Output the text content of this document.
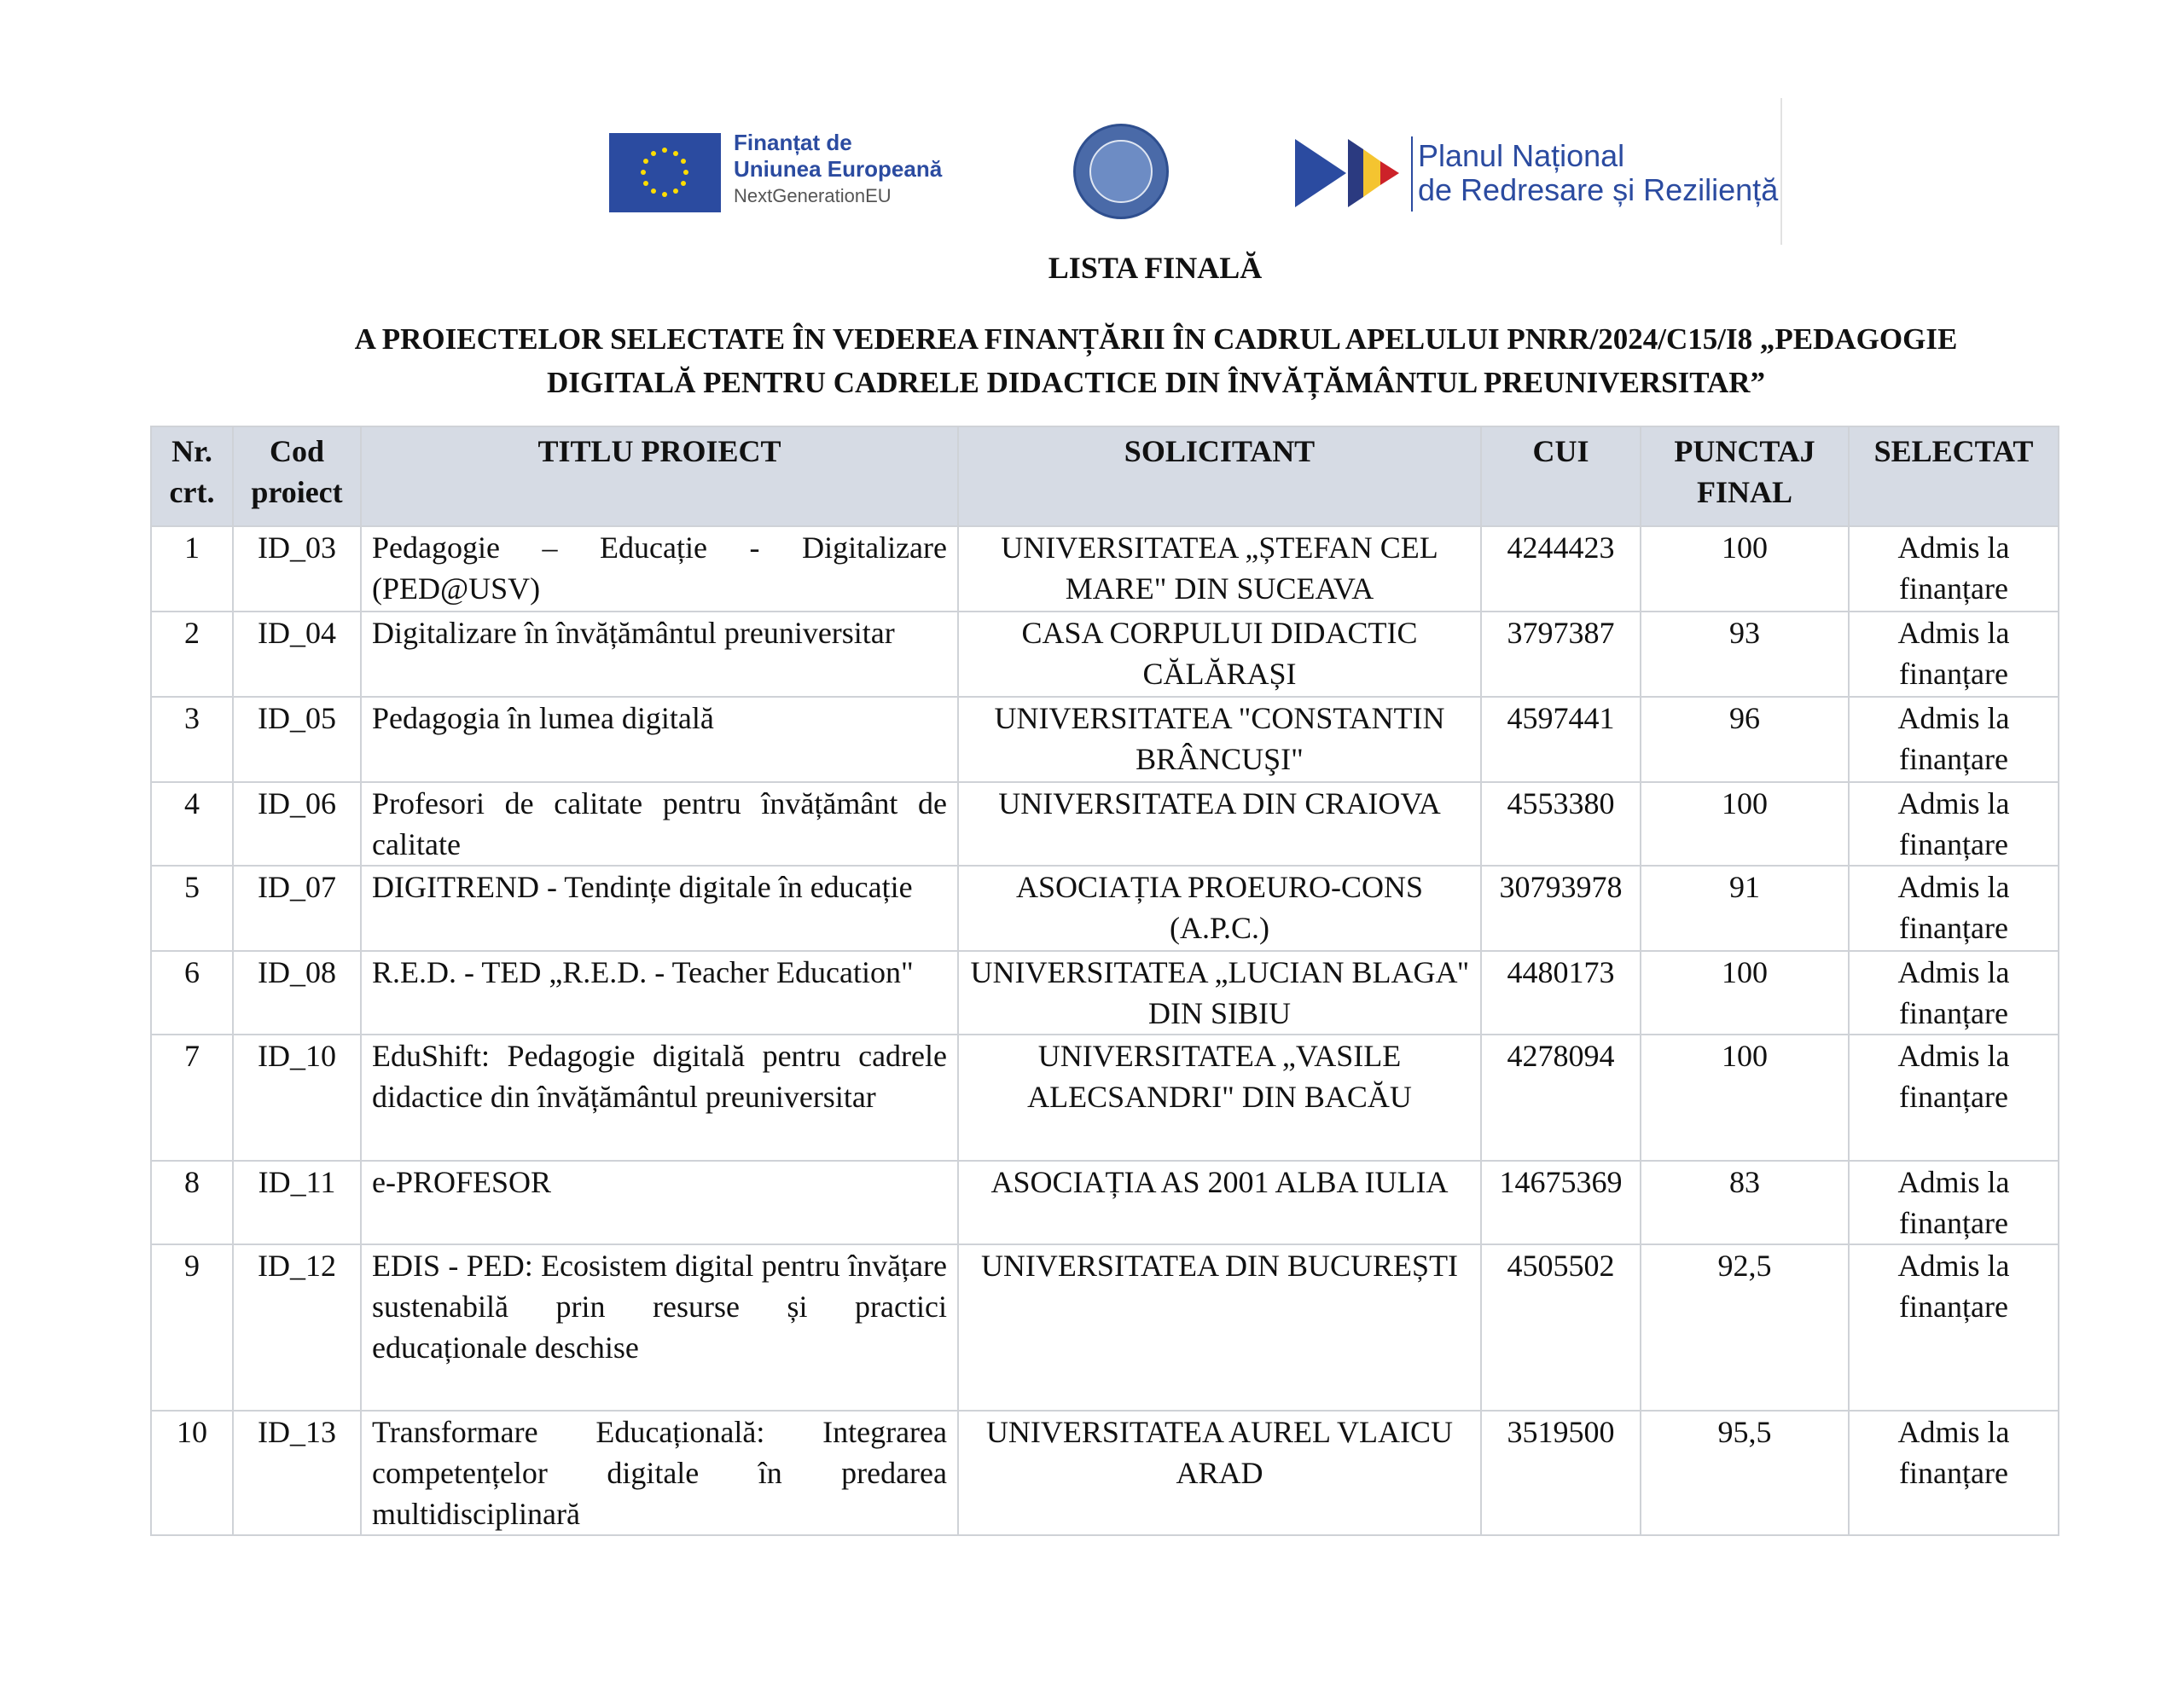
Finanțat de
Uniunea Europeană
NextGenerationEU
Planul Național
de Redresare și Reziliență
LISTA FINALĂ
A PROIECTELOR SELECTATE ÎN VEDEREA FINANȚĂRII ÎN CADRUL APELULUI PNRR/2024/C15/I8 „PEDAGOGIE
DIGITALĂ PENTRU CADRELE DIDACTICE DIN ÎNVĂȚĂMÂNTUL PREUNIVERSITAR”
Nr. crt.	Cod proiect	TITLU PROIECT	SOLICITANT	CUI	PUNCTAJ FINAL	SELECTAT
1	ID_03	Pedagogie – Educație - Digitalizare (PED@USV)	UNIVERSITATEA „ȘTEFAN CEL MARE" DIN SUCEAVA	4244423	100	Admis la finanțare
2	ID_04	Digitalizare în învățământul preuniversitar	CASA CORPULUI DIDACTIC CĂLĂRAȘI	3797387	93	Admis la finanțare
3	ID_05	Pedagogia în lumea digitală	UNIVERSITATEA "CONSTANTIN BRÂNCUŞI"	4597441	96	Admis la finanțare
4	ID_06	Profesori de calitate pentru învățământ de calitate	UNIVERSITATEA DIN CRAIOVA	4553380	100	Admis la finanțare
5	ID_07	DIGITREND - Tendințe digitale în educație	ASOCIAȚIA PROEURO-CONS (A.P.C.)	30793978	91	Admis la finanțare
6	ID_08	R.E.D. - TED „R.E.D. - Teacher Education"	UNIVERSITATEA „LUCIAN BLAGA'' DIN SIBIU	4480173	100	Admis la finanțare
7	ID_10	EduShift: Pedagogie digitală pentru cadrele didactice din învățământul preuniversitar	UNIVERSITATEA „VASILE ALECSANDRI" DIN BACĂU	4278094	100	Admis la finanțare
8	ID_11	e-PROFESOR	ASOCIAȚIA AS 2001 ALBA IULIA	14675369	83	Admis la finanțare
9	ID_12	EDIS - PED: Ecosistem digital pentru învățare sustenabilă prin resurse și practici educaționale deschise	UNIVERSITATEA DIN BUCUREȘTI	4505502	92,5	Admis la finanțare
10	ID_13	Transformare Educațională: Integrarea competențelor digitale în predarea multidisciplinară	UNIVERSITATEA AUREL VLAICU ARAD	3519500	95,5	Admis la finanțare
